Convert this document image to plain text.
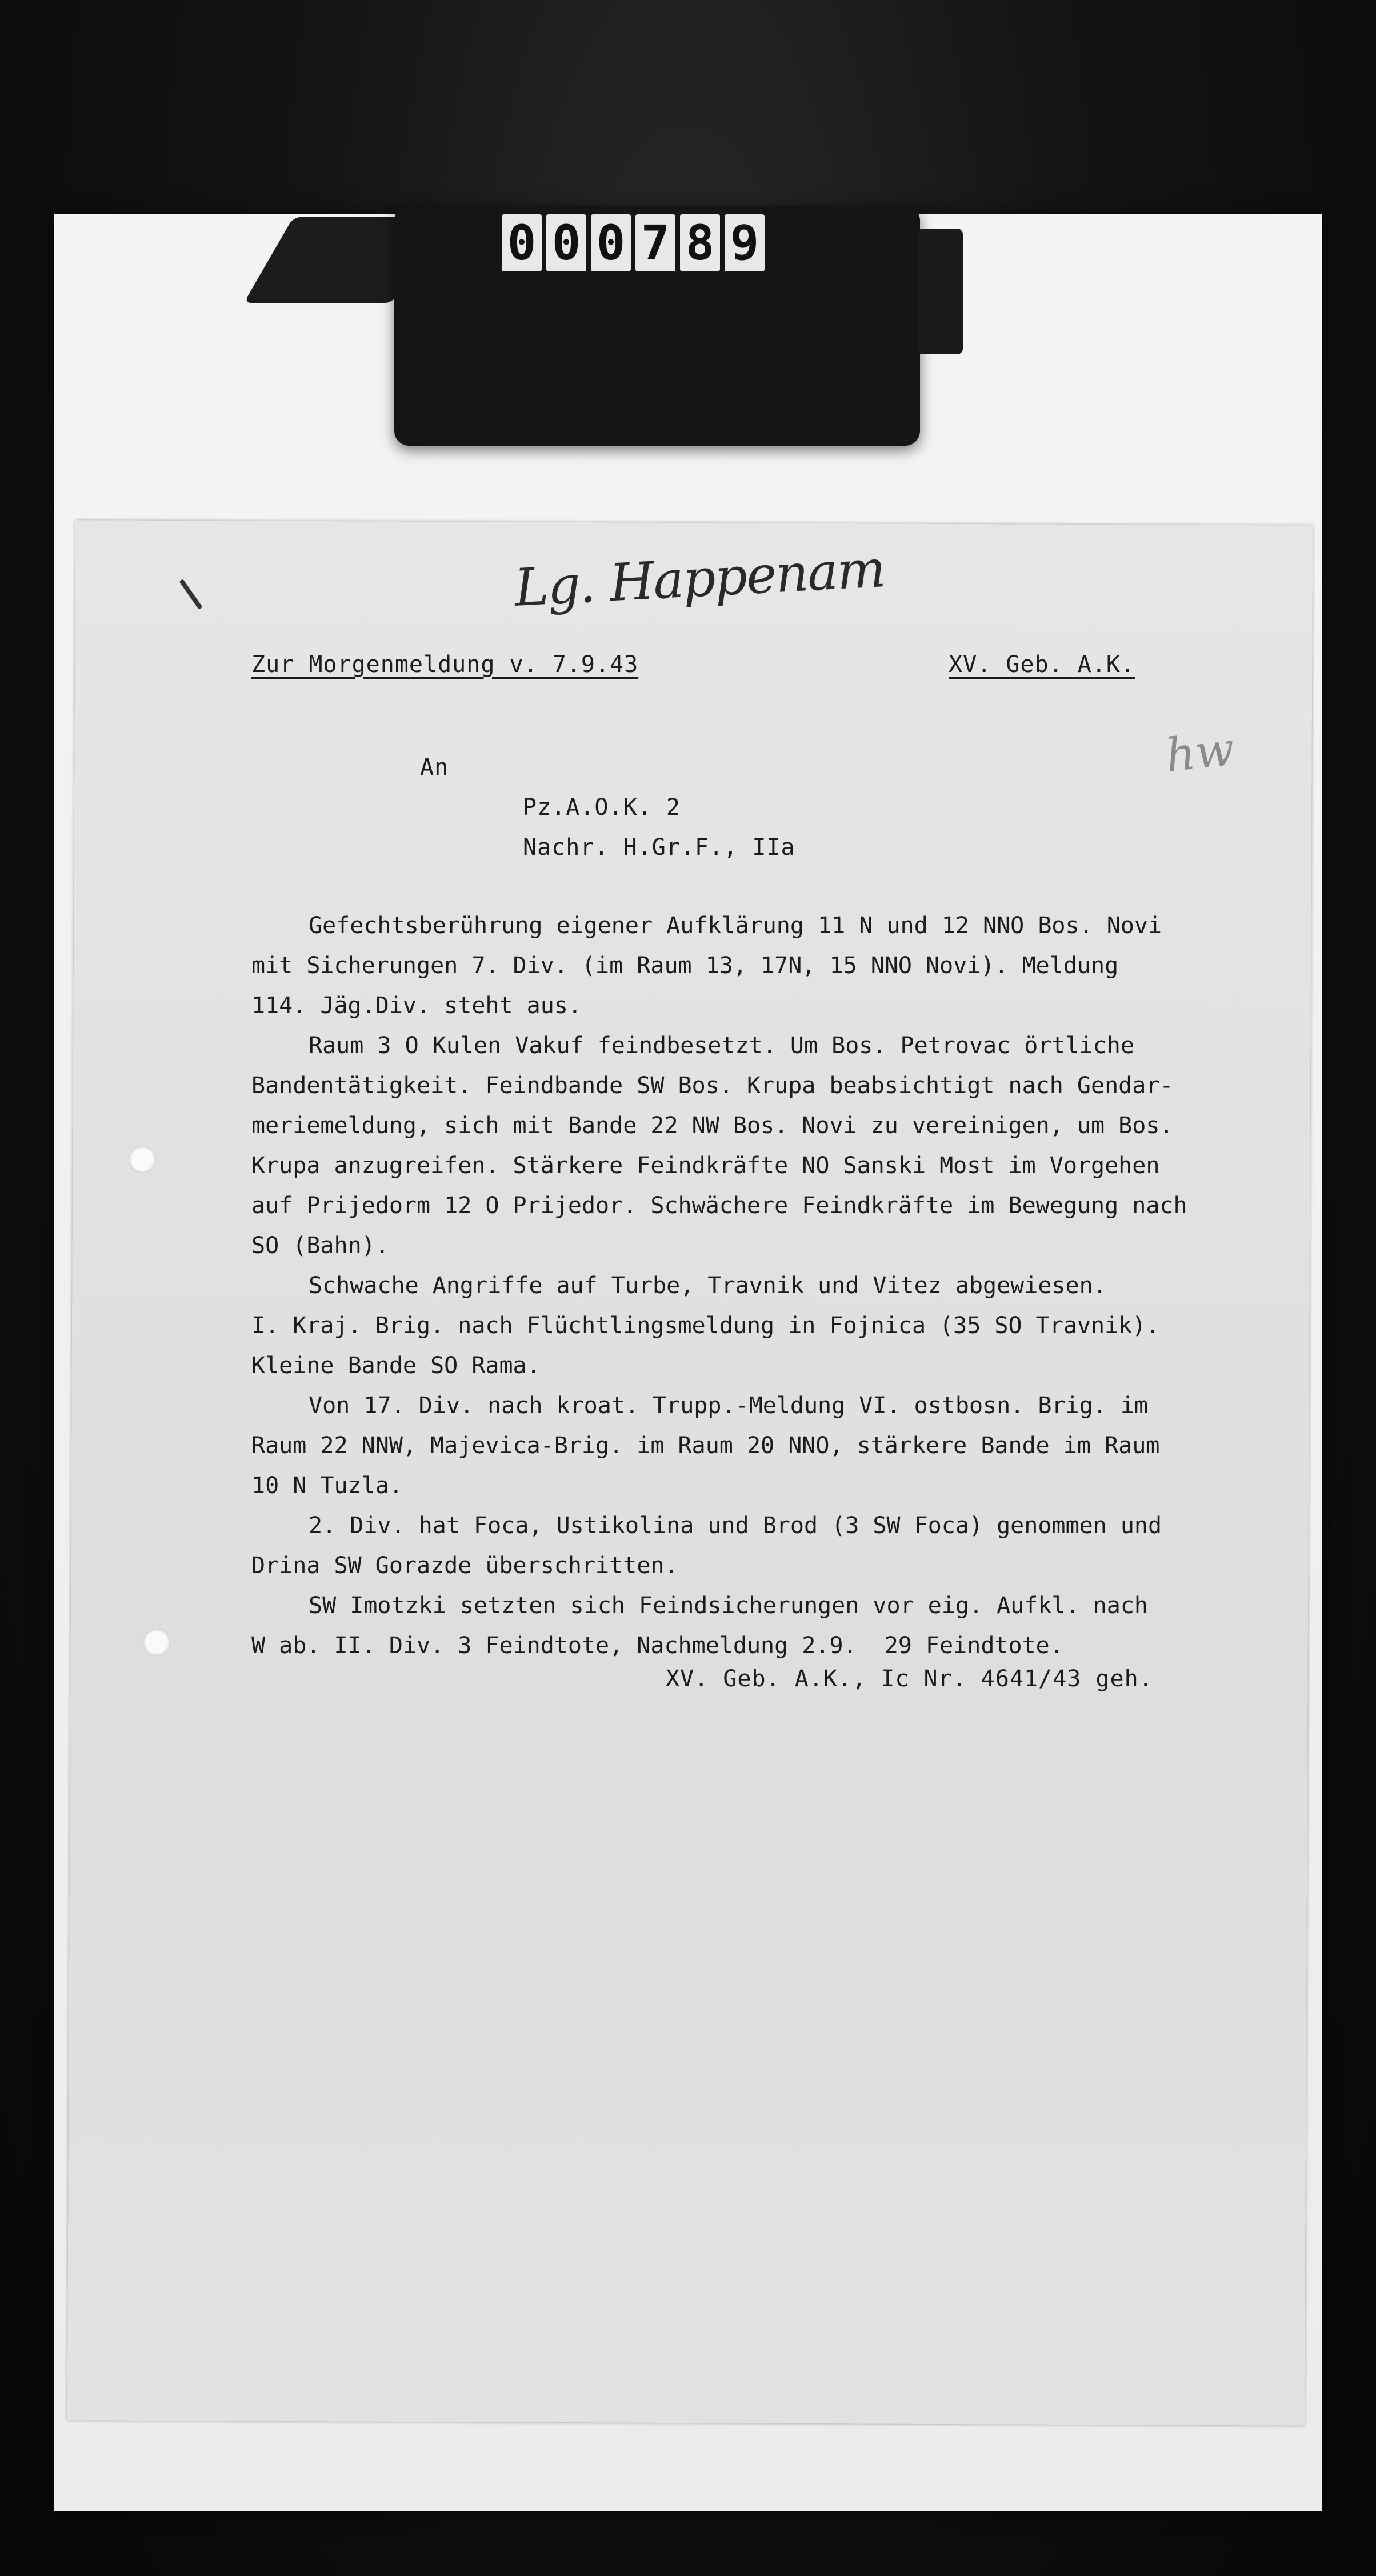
0 0 0 7 8 9
Lg. Happenam
hw
Zur Morgenmeldung v. 7.9.43	XV. Geb. A.K.
An
Pz.A.O.K. 2
Nachr. H.Gr.F., IIa
Gefechtsberührung eigener Aufklärung 11 N und 12 NNO Bos. Novi
mit Sicherungen 7. Div. (im Raum 13, 17N, 15 NNO Novi). Meldung
114. Jäg.Div. steht aus.
Raum 3 O Kulen Vakuf feindbesetzt. Um Bos. Petrovac örtliche
Bandentätigkeit. Feindbande SW Bos. Krupa beabsichtigt nach Gendar-
meriemeldung, sich mit Bande 22 NW Bos. Novi zu vereinigen, um Bos.
Krupa anzugreifen. Stärkere Feindkräfte NO Sanski Most im Vorgehen
auf Prijedorm 12 O Prijedor. Schwächere Feindkräfte im Bewegung nach
SO (Bahn).
Schwache Angriffe auf Turbe, Travnik und Vitez abgewiesen.
I. Kraj. Brig. nach Flüchtlingsmeldung in Fojnica (35 SO Travnik).
Kleine Bande SO Rama.
Von 17. Div. nach kroat. Trupp.-Meldung VI. ostbosn. Brig. im
Raum 22 NNW, Majevica-Brig. im Raum 20 NNO, stärkere Bande im Raum
10 N Tuzla.
2. Div. hat Foca, Ustikolina und Brod (3 SW Foca) genommen und
Drina SW Gorazde überschritten.
SW Imotzki setzten sich Feindsicherungen vor eig. Aufkl. nach
W ab. II. Div. 3 Feindtote, Nachmeldung 2.9.  29 Feindtote.
XV. Geb. A.K., Ic Nr. 4641/43 geh.
